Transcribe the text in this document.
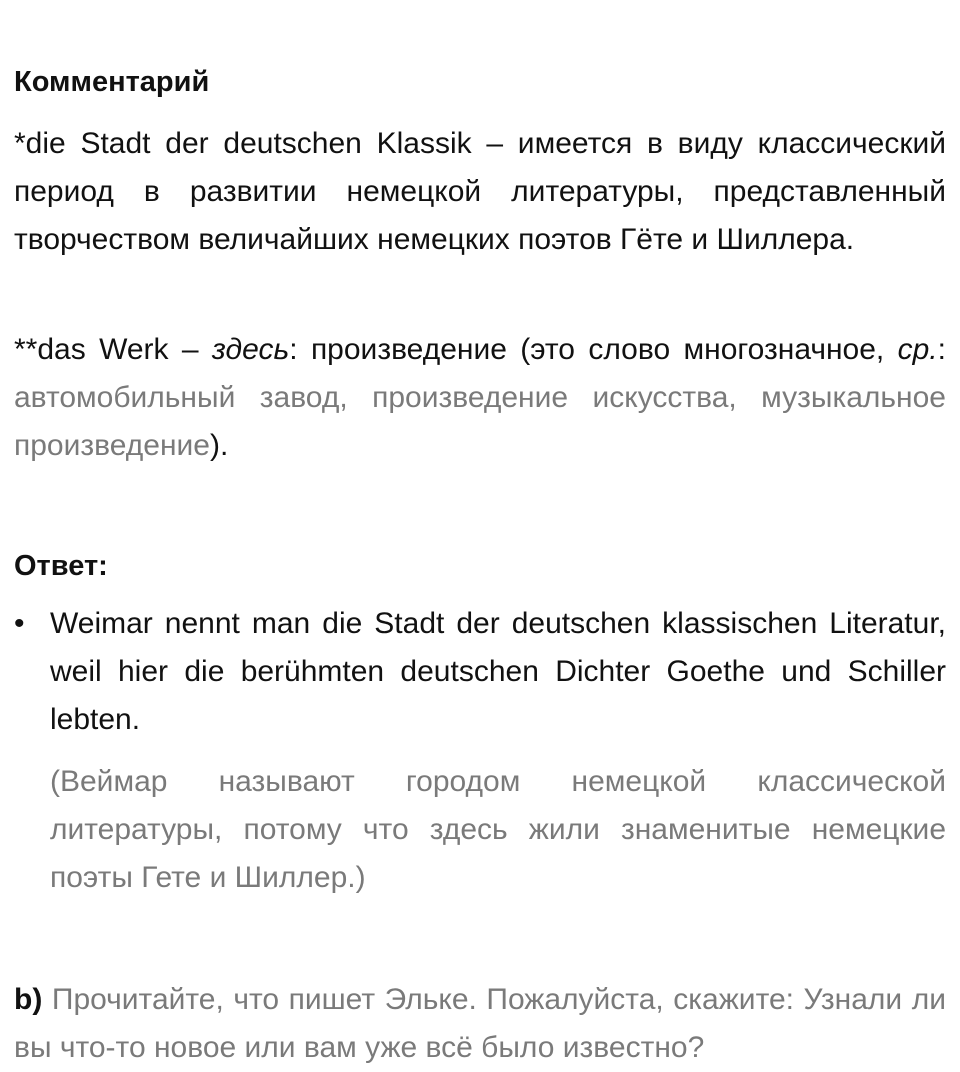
Комментарий
*die Stadt der deutschen Klassik – имеется в виду классический период в развитии немецкой литературы, представленный творчеством величайших немецких поэтов Гёте и Шиллера.
**das Werk – здесь: произведение (это слово многозначное, ср.: автомобильный завод, произведение искусства, музыкальное произведение).
Ответ:
• Weimar nennt man die Stadt der deutschen klassischen Literatur, weil hier die berühmten deutschen Dichter Goethe und Schiller lebten.
(Веймар называют городом немецкой классической литературы, потому что здесь жили знаменитые немецкие поэты Гете и Шиллер.)
b) Прочитайте, что пишет Эльке. Пожалуйста, скажите: Узнали ли вы что-то новое или вам уже всё было известно?
